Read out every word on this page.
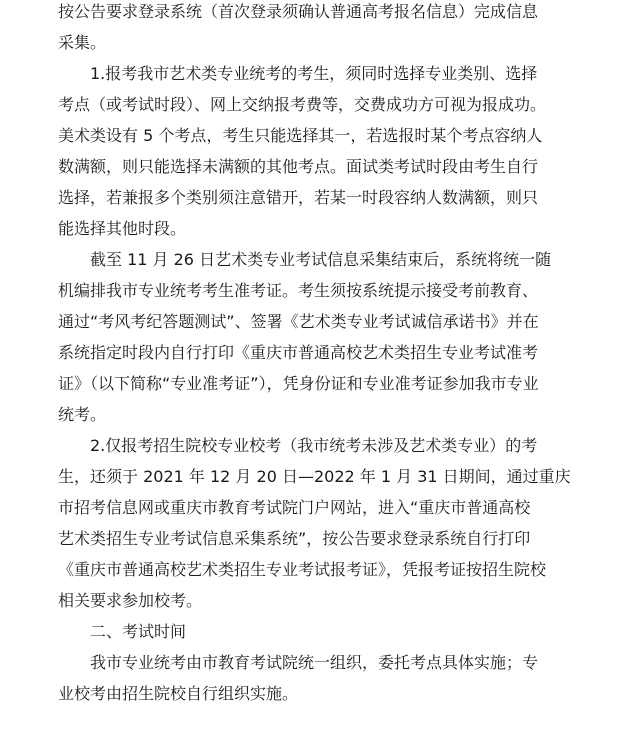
按公告要求登录系统（首次登录须确认普通高考报名信息）完成信息
采集。

1.报考我市艺术类专业统考的考生，须同时选择专业类别、选择
考点（或考试时段）、网上交纳报考费等，交费成功方可视为报成功。
美术类设有 5 个考点，考生只能选择其一，若选报时某个考点容纳人
数满额，则只能选择未满额的其他考点。面试类考试时段由考生自行
选择，若兼报多个类别须注意错开，若某一时段容纳人数满额，则只
能选择其他时段。

截至 11 月 26 日艺术类专业考试信息采集结束后，系统将统一随
机编排我市专业统考考生准考证。考生须按系统提示接受考前教育、
通过“考风考纪答题测试”、签署《艺术类专业考试诚信承诺书》并在
系统指定时段内自行打印《重庆市普通高校艺术类招生专业考试准考
证》（以下简称“专业准考证”），凭身份证和专业准考证参加我市专业
统考。

2.仅报考招生院校专业校考（我市统考未涉及艺术类专业）的考
生，还须于 2021 年 12 月 20 日—2022 年 1 月 31 日期间，通过重庆
市招考信息网或重庆市教育考试院门户网站，进入“重庆市普通高校
艺术类招生专业考试信息采集系统”，按公告要求登录系统自行打印
《重庆市普通高校艺术类招生专业考试报考证》，凭报考证按招生院校
相关要求参加校考。

二、考试时间

我市专业统考由市教育考试院统一组织，委托考点具体实施；专
业校考由招生院校自行组织实施。
